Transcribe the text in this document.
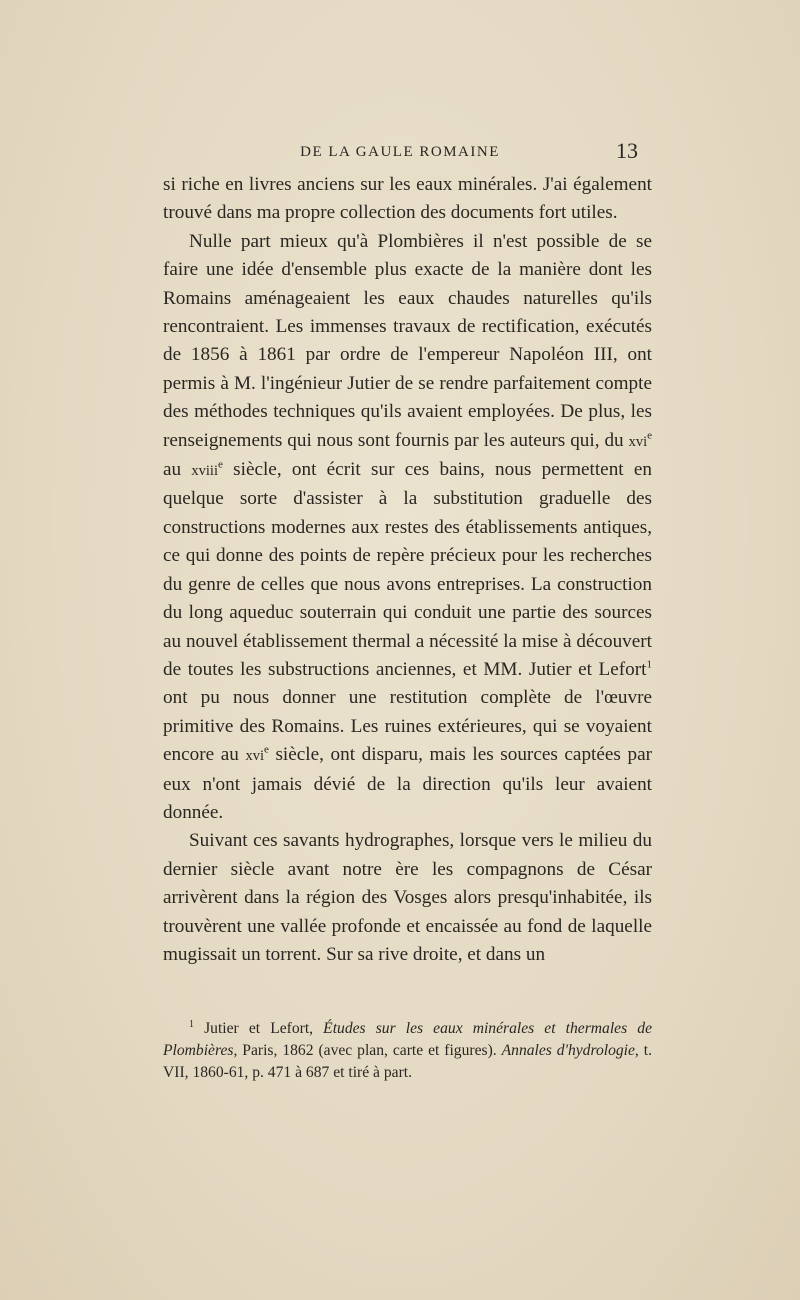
DE LA GAULE ROMAINE	13

si riche en livres anciens sur les eaux minérales. J'ai également trouvé dans ma propre collection des documents fort utiles.

Nulle part mieux qu'à Plombières il n'est possible de se faire une idée d'ensemble plus exacte de la manière dont les Romains aménageaient les eaux chaudes naturelles qu'ils rencontraient. Les immenses travaux de rectification, exécutés de 1856 à 1861 par ordre de l'empereur Napoléon III, ont permis à M. l'ingénieur Jutier de se rendre parfaitement compte des méthodes techniques qu'ils avaient employées. De plus, les renseignements qui nous sont fournis par les auteurs qui, du xvi$^e$ au xviii$^e$ siècle, ont écrit sur ces bains, nous permettent en quelque sorte d'assister à la substitution graduelle des constructions modernes aux restes des établissements antiques, ce qui donne des points de repère précieux pour les recherches du genre de celles que nous avons entreprises. La construction du long aqueduc souterrain qui conduit une partie des sources au nouvel établissement thermal a nécessité la mise à découvert de toutes les substructions anciennes, et MM. Jutier et Lefort$^1$ ont pu nous donner une restitution complète de l'œuvre primitive des Romains. Les ruines extérieures, qui se voyaient encore au xvi$^e$ siècle, ont disparu, mais les sources captées par eux n'ont jamais dévié de la direction qu'ils leur avaient donnée.

Suivant ces savants hydrographes, lorsque vers le milieu du dernier siècle avant notre ère les compagnons de César arrivèrent dans la région des Vosges alors presqu'inhabitée, ils trouvèrent une vallée profonde et encaissée au fond de laquelle mugissait un torrent. Sur sa rive droite, et dans un

$^1$ Jutier et Lefort, Études sur les eaux minérales et thermales de Plombières, Paris, 1862 (avec plan, carte et figures). Annales d'hydrologie, t. VII, 1860-61, p. 471 à 687 et tiré à part.
